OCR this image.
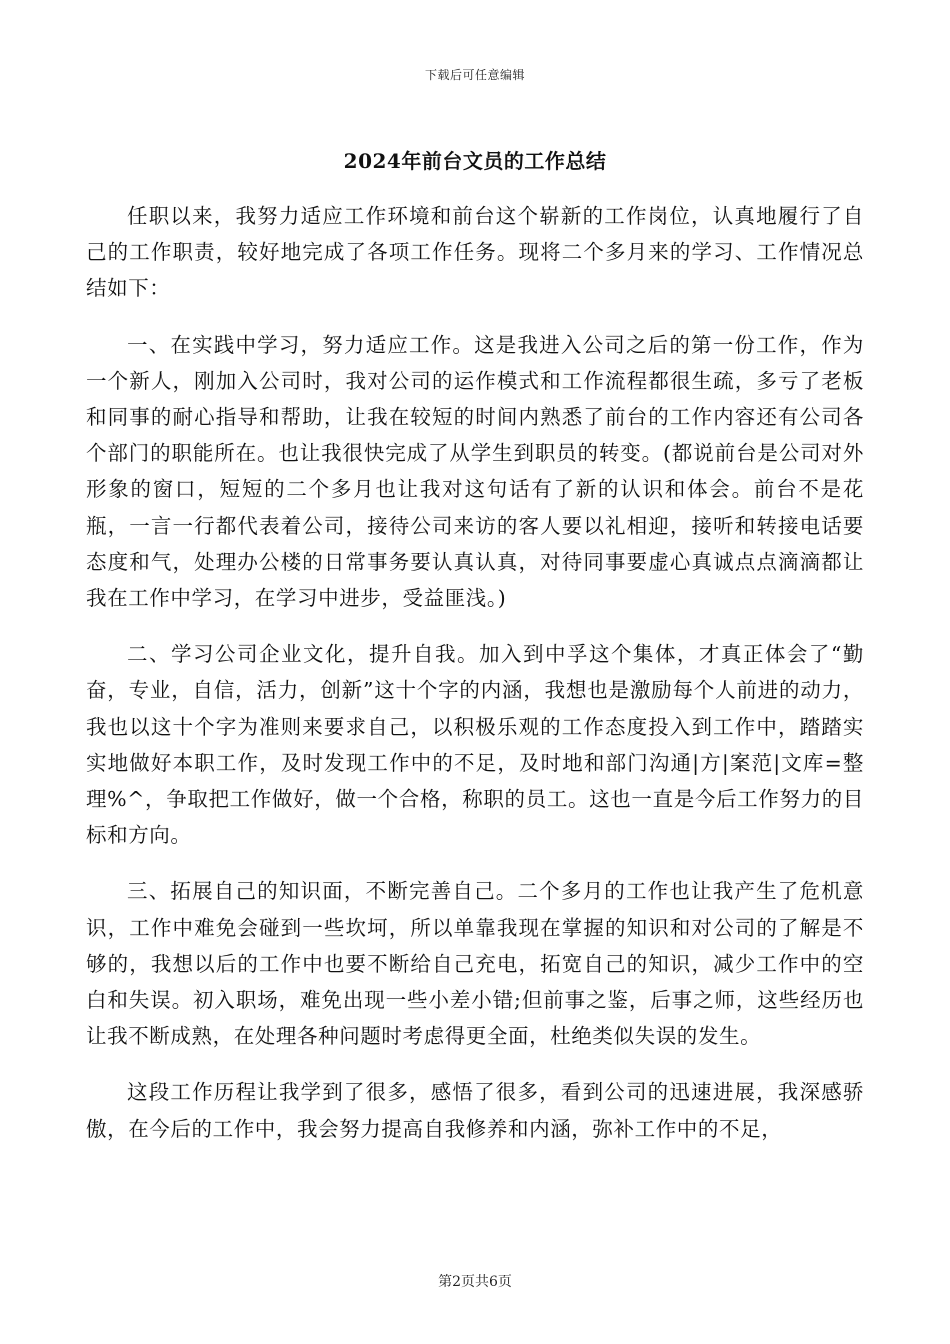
下载后可任意编辑
2024年前台文员的工作总结

任职以来，我努力适应工作环境和前台这个崭新的工作岗位，认真地履行了自己的工作职责，较好地完成了各项工作任务。现将二个多月来的学习、工作情况总结如下：

一、在实践中学习，努力适应工作。这是我进入公司之后的第一份工作，作为一个新人，刚加入公司时，我对公司的运作模式和工作流程都很生疏，多亏了老板和同事的耐心指导和帮助，让我在较短的时间内熟悉了前台的工作内容还有公司各个部门的职能所在。也让我很快完成了从学生到职员的转变。(都说前台是公司对外形象的窗口，短短的二个多月也让我对这句话有了新的认识和体会。前台不是花瓶，一言一行都代表着公司，接待公司来访的客人要以礼相迎，接听和转接电话要态度和气，处理办公楼的日常事务要认真认真，对待同事要虚心真诚点点滴滴都让我在工作中学习，在学习中进步，受益匪浅。)

二、学习公司企业文化，提升自我。加入到中孚这个集体，才真正体会了“勤奋，专业，自信，活力，创新”这十个字的内涵，我想也是激励每个人前进的动力，我也以这十个字为准则来要求自己，以积极乐观的工作态度投入到工作中，踏踏实实地做好本职工作，及时发现工作中的不足，及时地和部门沟通|方|案范|文库=整理%^，争取把工作做好，做一个合格，称职的员工。这也一直是今后工作努力的目标和方向。

三、拓展自己的知识面，不断完善自己。二个多月的工作也让我产生了危机意识，工作中难免会碰到一些坎坷，所以单靠我现在掌握的知识和对公司的了解是不够的，我想以后的工作中也要不断给自己充电，拓宽自己的知识，减少工作中的空白和失误。初入职场，难免出现一些小差小错;但前事之鉴，后事之师，这些经历也让我不断成熟，在处理各种问题时考虑得更全面，杜绝类似失误的发生。

这段工作历程让我学到了很多，感悟了很多，看到公司的迅速进展，我深感骄傲，在今后的工作中，我会努力提高自我修养和内涵，弥补工作中的不足，

第2页共6页
